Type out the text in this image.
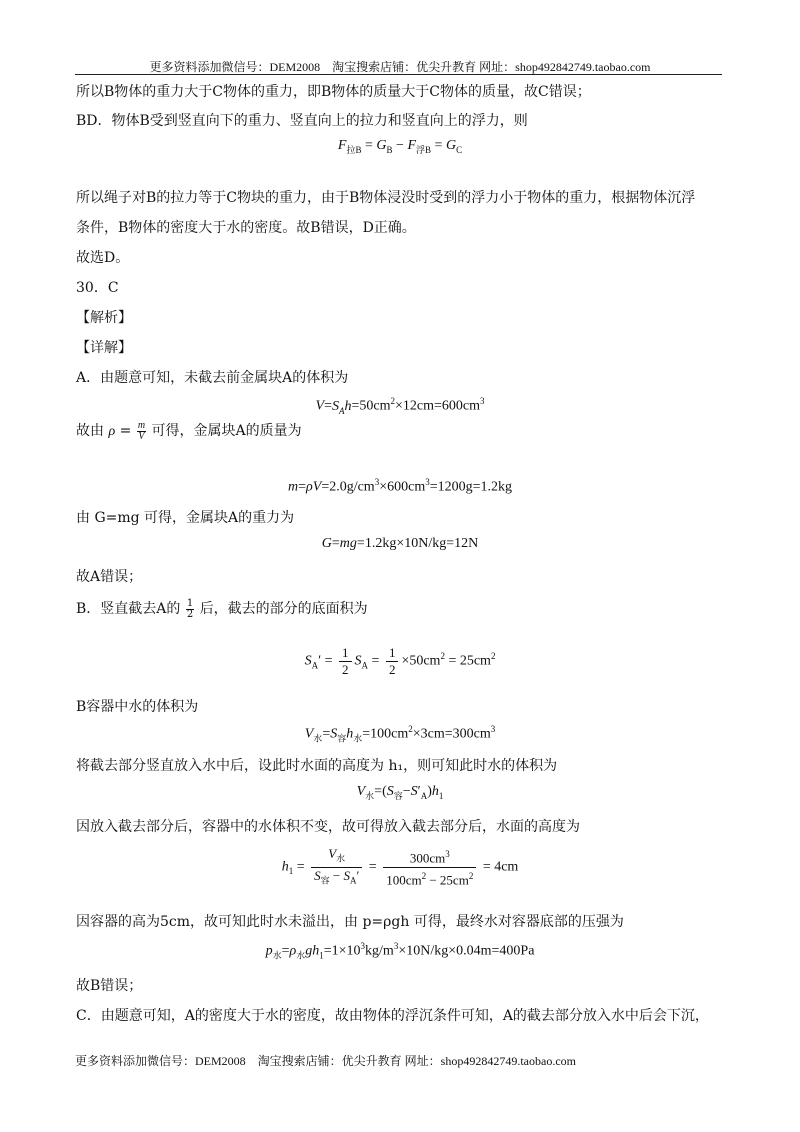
更多资料添加微信号：DEM2008　淘宝搜索店铺：优尖升教育 网址：shop492842749.taobao.com
所以B物体的重力大于C物体的重力，即B物体的质量大于C物体的质量，故C错误；
BD．物体B受到竖直向下的重力、竖直向上的拉力和竖直向上的浮力，则
$F_{拉B} = G_B - F_{浮B} = G_C$
所以绳子对B的拉力等于C物块的重力，由于B物体浸没时受到的浮力小于物体的重力，根据物体沉浮
条件，B物体的密度大于水的密度。故B错误，D正确。
故选D。
30．C
【解析】
【详解】
A．由题意可知，未截去前金属块A的体积为
$V=S_Ah=50cm^2\times 12cm=600cm^3$
故由 $\rho = \frac{m}{V}$ 可得，金属块A的质量为
$m=\rho V=2.0g/cm^3\times 600cm^3=1200g=1.2kg$
由 G=mg 可得，金属块A的重力为
G=mg=1.2kg×10N/kg=12N
故A错误；
B．竖直截去A的 $\frac{1}{2}$ 后，截去的部分的底面积为
$S_A' = \frac{1}{2} S_A = \frac{1}{2} \times 50cm^2 = 25cm^2$
B容器中水的体积为
$V_水=S_容h_水=100cm^2\times 3cm=300cm^3$
将截去部分竖直放入水中后，设此时水面的高度为 h₁，则可知此时水的体积为
$V_水=(S_容-S'_A)h_1$
因放入截去部分后，容器中的水体积不变，故可得放入截去部分后，水面的高度为
$h_1 = \frac{V_水}{S_容 - S_A'} = \frac{300cm^3}{100cm^2 - 25cm^2} = 4cm$
因容器的高为5cm，故可知此时水未溢出，由 p=ρgh 可得，最终水对容器底部的压强为
$p_水=\rho_水gh_1=1\times 10^3kg/m^3\times 10N/kg\times 0.04m=400Pa$
故B错误；
C．由题意可知，A的密度大于水的密度，故由物体的浮沉条件可知，A的截去部分放入水中后会下沉，
更多资料添加微信号：DEM2008　淘宝搜索店铺：优尖升教育 网址：shop492842749.taobao.com
